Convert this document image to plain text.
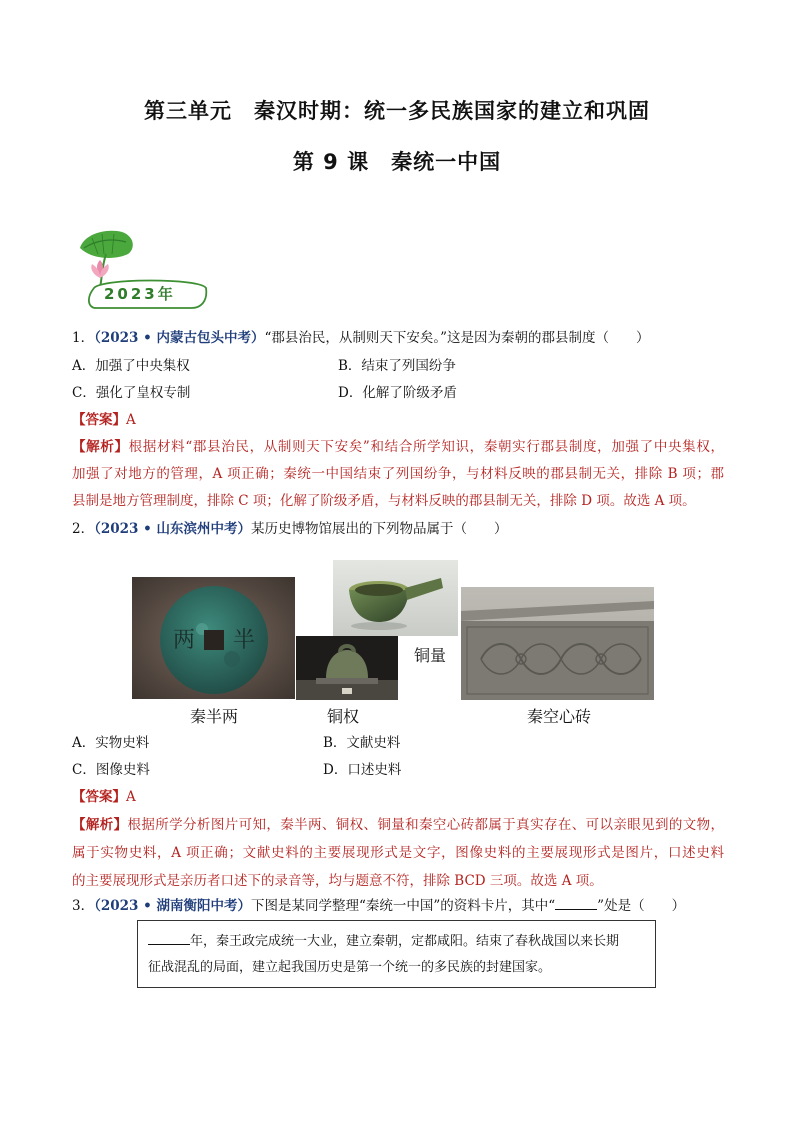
第三单元　秦汉时期：统一多民族国家的建立和巩固
第 9 课　秦统一中国
2023年
1．（2023 • 内蒙古包头中考）“郡县治民，从制则天下安矣。”这是因为秦朝的郡县制度（　　）
A．加强了中央集权	B．结束了列国纷争
C．强化了皇权专制	D．化解了阶级矛盾
【答案】A
【解析】根据材料“郡县治民，从制则天下安矣”和结合所学知识，秦朝实行郡县制度，加强了中央集权，
加强了对地方的管理，A 项正确；秦统一中国结束了列国纷争，与材料反映的郡县制无关，排除 B 项；郡
县制是地方管理制度，排除 C 项；化解了阶级矛盾，与材料反映的郡县制无关，排除 D 项。故选 A 项。
2．（2023 • 山东滨州中考）某历史博物馆展出的下列物品属于（　　）
半
两
秦半两	铜权
铜量
秦空心砖
A．实物史料	B．文献史料
C．图像史料	D．口述史料
【答案】A
【解析】根据所学分析图片可知，秦半两、铜权、铜量和秦空心砖都属于真实存在、可以亲眼见到的文物，
属于实物史料，A 项正确；文献史料的主要展现形式是文字，图像史料的主要展现形式是图片，口述史料
的主要展现形式是亲历者口述下的录音等，均与题意不符，排除 BCD 三项。故选 A 项。
3．（2023 • 湖南衡阳中考）下图是某同学整理“秦统一中国”的资料卡片，其中“	”处是（　　）
年，秦王政完成统一大业，建立秦朝，定都咸阳。结束了春秋战国以来长期
征战混乱的局面，建立起我国历史是第一个统一的多民族的封建国家。
